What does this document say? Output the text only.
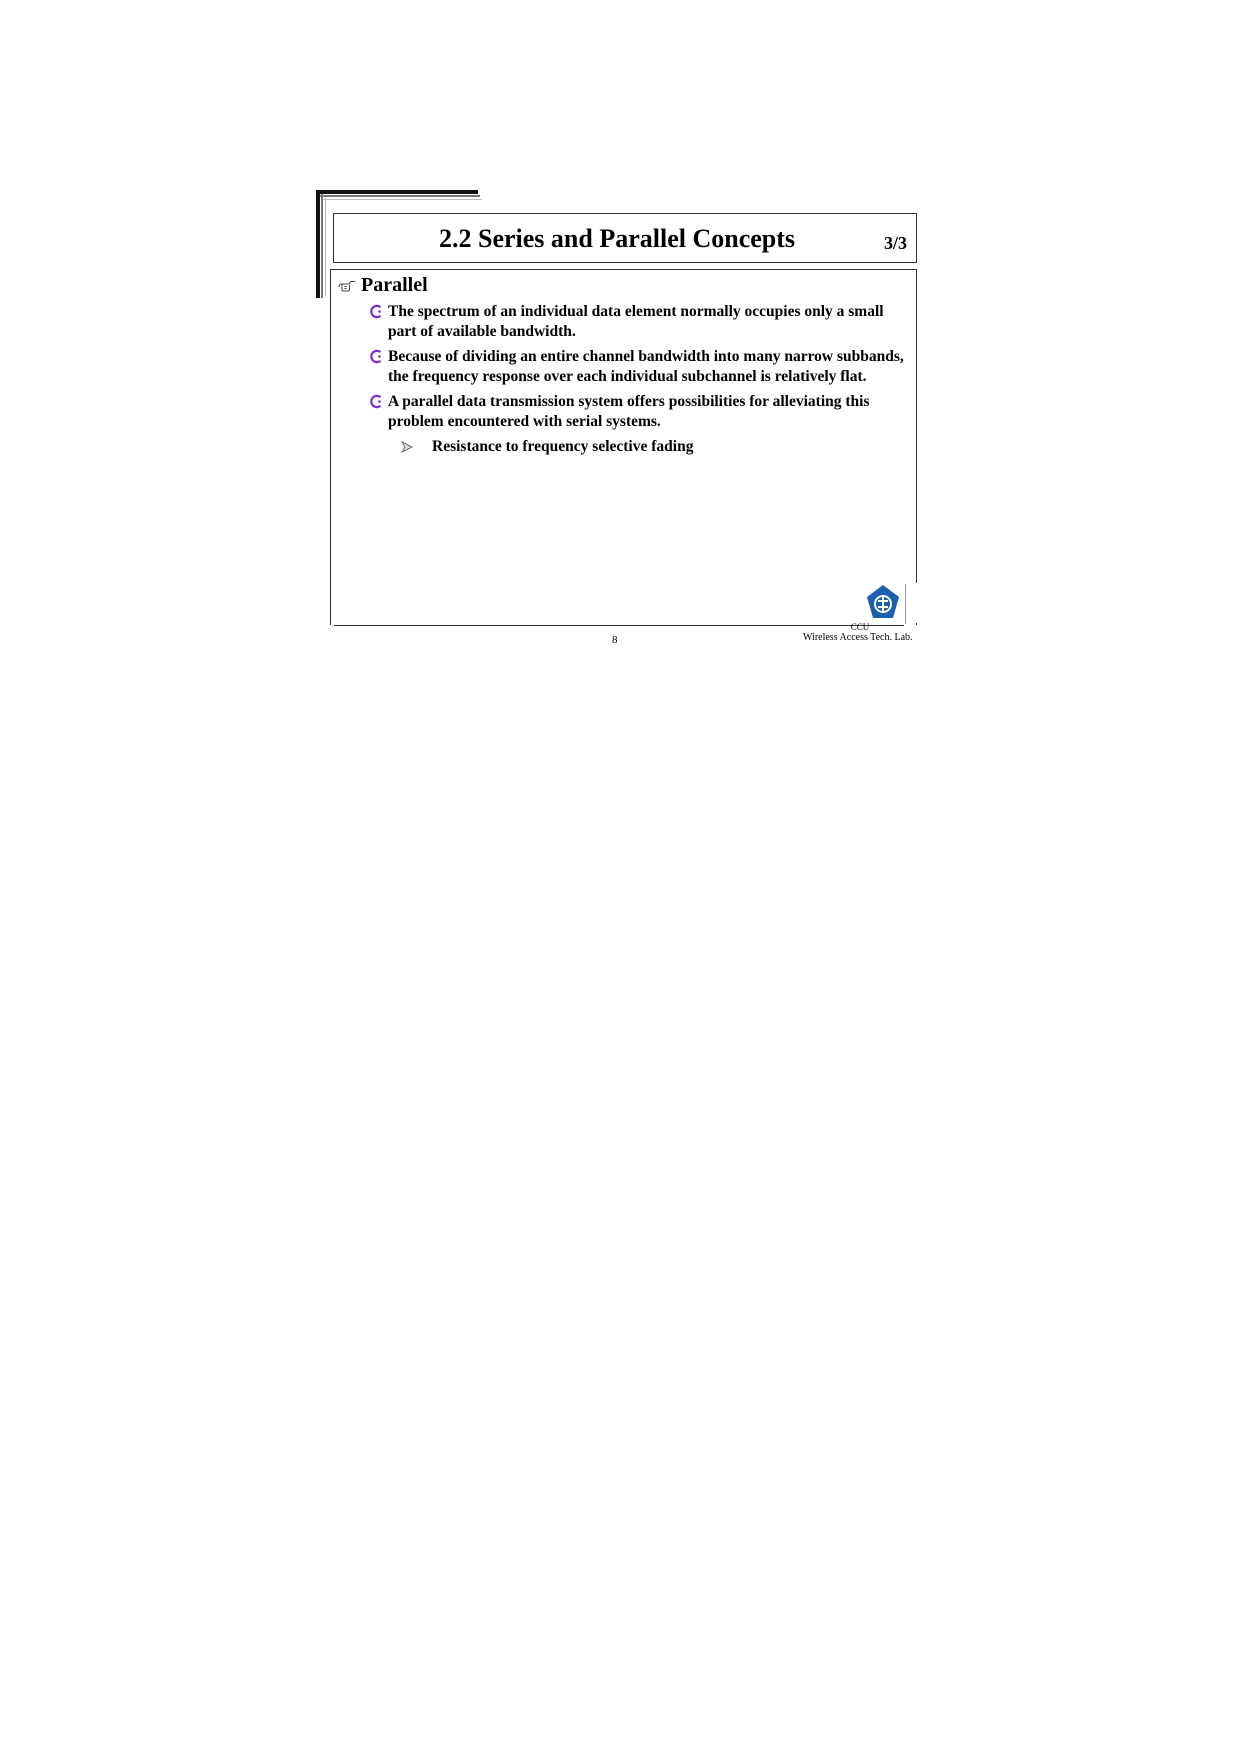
2.2 Series and Parallel Concepts	3/3
Parallel
The spectrum of an individual data element normally occupies only a small part of available bandwidth.
Because of dividing an entire channel bandwidth into many narrow subbands, the frequency response over each individual subchannel is relatively flat.
A parallel data transmission system offers possibilities for alleviating this problem encountered with serial systems.
Resistance to frequency selective fading
CCU
Wireless Access Tech. Lab.
8
